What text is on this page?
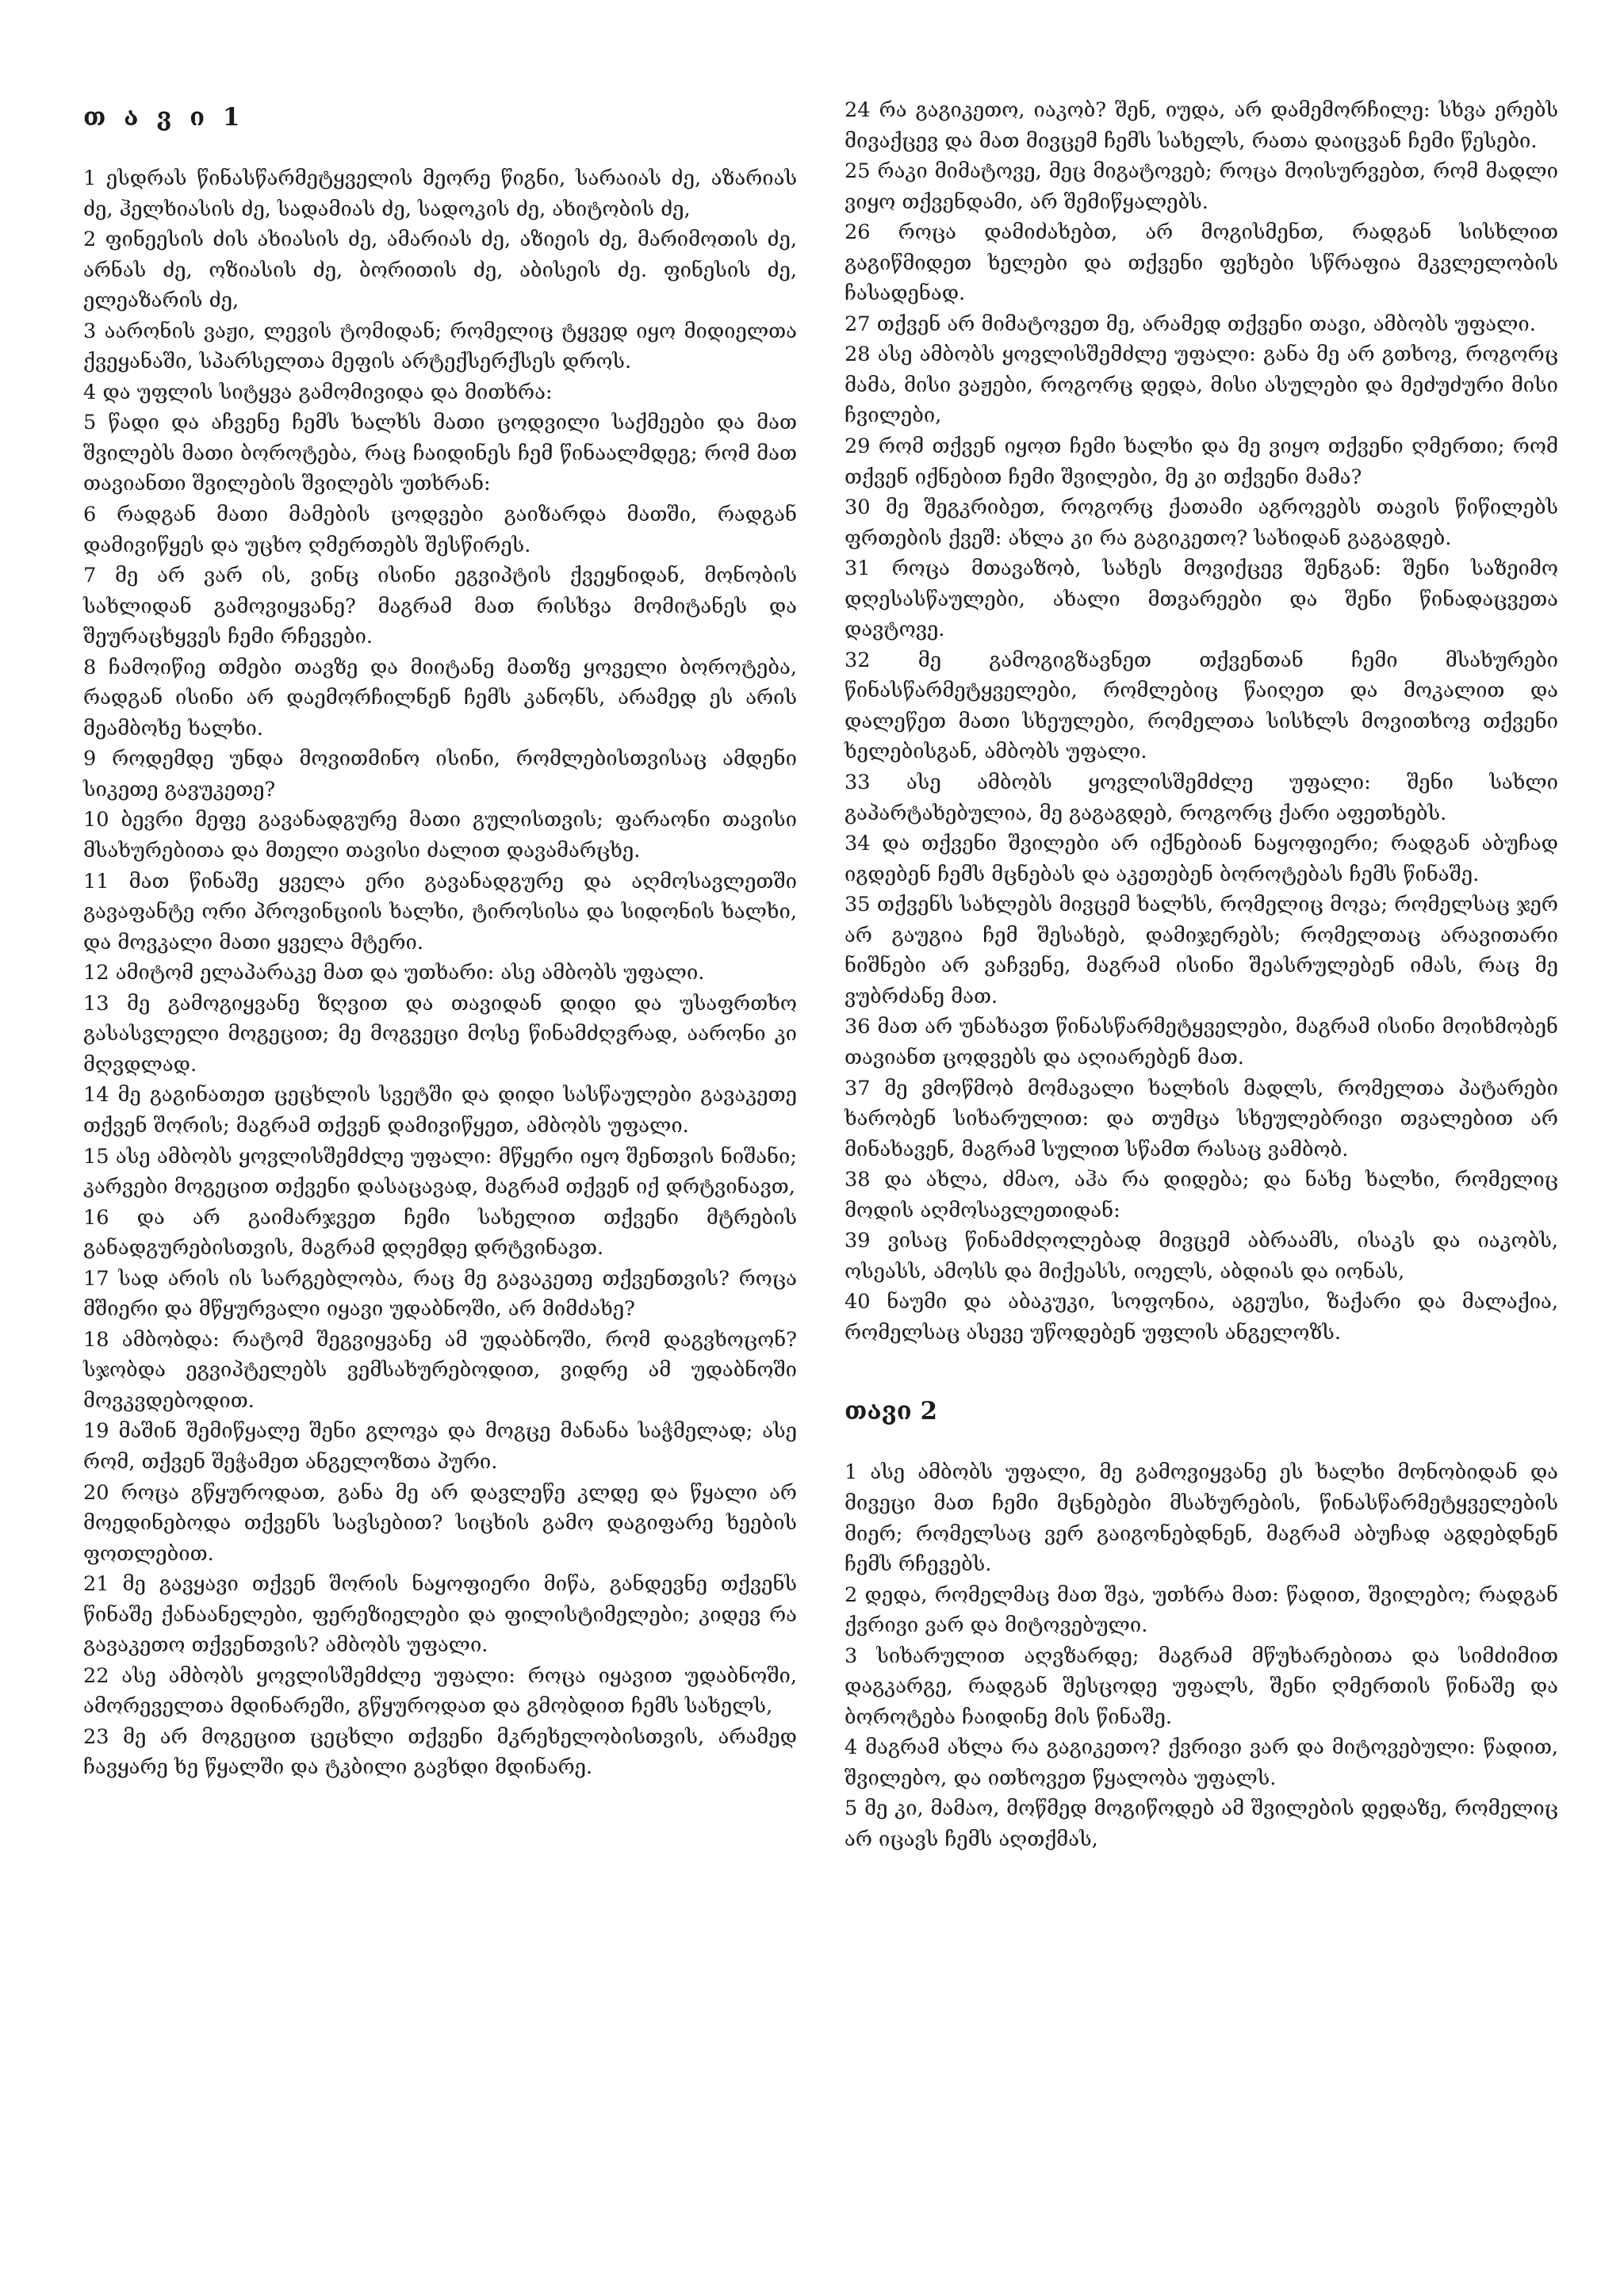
თ ა ვ ი 1

1 ესდრას წინასწარმეტყველის მეორე წიგნი, სარაიას ძე, აზარიას ძე, ჰელხიასის ძე, სადამიას ძე, სადოკის ძე, ახიტობის ძე,

2 ფინეესის ძის ახიასის ძე, ამარიას ძე, აზიეის ძე, მარიმოთის ძე, არნას ძე, ოზიასის ძე, ბორითის ძე, აბისეის ძე. ფინესის ძე, ელეაზარის ძე,

3 აარონის ვაჟი, ლევის ტომიდან; რომელიც ტყვედ იყო მიდიელთა ქვეყანაში, სპარსელთა მეფის არტექსერქსეს დროს.

4 და უფლის სიტყვა გამომივიდა და მითხრა:

5 წადი და აჩვენე ჩემს ხალხს მათი ცოდვილი საქმეები და მათ შვილებს მათი ბოროტება, რაც ჩაიდინეს ჩემ წინაალმდეგ; რომ მათ თავიანთი შვილების შვილებს უთხრან:

6 რადგან მათი მამების ცოდვები გაიზარდა მათში, რადგან დამივიწყეს და უცხო ღმერთებს შესწირეს.

7 მე არ ვარ ის, ვინც ისინი ეგვიპტის ქვეყნიდან, მონობის სახლიდან გამოვიყვანე? მაგრამ მათ რისხვა მომიტანეს და შეურაცხყვეს ჩემი რჩევები.

8 ჩამოიწიე თმები თავზე და მიიტანე მათზე ყოველი ბოროტება, რადგან ისინი არ დაემორჩილნენ ჩემს კანონს, არამედ ეს არის მეამბოხე ხალხი.

9 როდემდე უნდა მოვითმინო ისინი, რომლებისთვისაც ამდენი სიკეთე გავუკეთე?

10 ბევრი მეფე გავანადგურე მათი გულისთვის; ფარაონი თავისი მსახურებითა და მთელი თავისი ძალით დავამარცხე.

11 მათ წინაშე ყველა ერი გავანადგურე და აღმოსავლეთში გავაფანტე ორი პროვინციის ხალხი, ტიროსისა და სიდონის ხალხი, და მოვკალი მათი ყველა მტერი.

12 ამიტომ ელაპარაკე მათ და უთხარი: ასე ამბობს უფალი.

13 მე გამოგიყვანე ზღვით და თავიდან დიდი და უსაფრთხო გასასვლელი მოგეცით; მე მოგვეცი მოსე წინამძღვრად, აარონი კი მღვდლად.

14 მე გაგინათეთ ცეცხლის სვეტში და დიდი სასწაულები გავაკეთე თქვენ შორის; მაგრამ თქვენ დამივიწყეთ, ამბობს უფალი.

15 ასე ამბობს ყოვლისშემძლე უფალი: მწყერი იყო შენთვის ნიშანი; კარვები მოგეცით თქვენი დასაცავად, მაგრამ თქვენ იქ დრტვინავთ,

16 და არ გაიმარჯვეთ ჩემი სახელით თქვენი მტრების განადგურებისთვის, მაგრამ დღემდე დრტვინავთ.

17 სად არის ის სარგებლობა, რაც მე გავაკეთე თქვენთვის? როცა მშიერი და მწყურვალი იყავი უდაბნოში, არ მიმძახე?

18 ამბობდა: რატომ შეგვიყვანე ამ უდაბნოში, რომ დაგვხოცონ? სჯობდა ეგვიპტელებს ვემსახურებოდით, ვიდრე ამ უდაბნოში მოვკვდებოდით.

19 მაშინ შემიწყალე შენი გლოვა და მოგცე მანანა საჭმელად; ასე რომ, თქვენ შეჭამეთ ანგელოზთა პური.

20 როცა გწყუროდათ, განა მე არ დავლეწე კლდე და წყალი არ მოედინებოდა თქვენს სავსებით? სიცხის გამო დაგიფარე ხეების ფოთლებით.

21 მე გავყავი თქვენ შორის ნაყოფიერი მიწა, განდევნე თქვენს წინაშე ქანაანელები, ფერეზიელები და ფილისტიმელები; კიდევ რა გავაკეთო თქვენთვის? ამბობს უფალი.

22 ასე ამბობს ყოვლისშემძლე უფალი: როცა იყავით უდაბნოში, ამორეველთა მდინარეში, გწყუროდათ და გმობდით ჩემს სახელს,

23 მე არ მოგეცით ცეცხლი თქვენი მკრეხელობისთვის, არამედ ჩავყარე ხე წყალში და ტკბილი გავხდი მდინარე.

24 რა გაგიკეთო, იაკობ? შენ, იუდა, არ დამემორჩილე: სხვა ერებს მივაქცევ და მათ მივცემ ჩემს სახელს, რათა დაიცვან ჩემი წესები.

25 რაკი მიმატოვე, მეც მიგატოვებ; როცა მოისურვებთ, რომ მადლი ვიყო თქვენდამი, არ შემიწყალებს.

26 როცა დამიძახებთ, არ მოგისმენთ, რადგან სისხლით გაგიწმიდეთ ხელები და თქვენი ფეხები სწრაფია მკვლელობის ჩასადენად.

27 თქვენ არ მიმატოვეთ მე, არამედ თქვენი თავი, ამბობს უფალი.

28 ასე ამბობს ყოვლისშემძლე უფალი: განა მე არ გთხოვ, როგორც მამა, მისი ვაჟები, როგორც დედა, მისი ასულები და მეძუძური მისი ჩვილები,

29 რომ თქვენ იყოთ ჩემი ხალხი და მე ვიყო თქვენი ღმერთი; რომ თქვენ იქნებით ჩემი შვილები, მე კი თქვენი მამა?

30 მე შეგკრიბეთ, როგორც ქათამი აგროვებს თავის წიწილებს ფრთების ქვეშ: ახლა კი რა გაგიკეთო? სახიდან გაგაგდებ.

31 როცა მთავაზობ, სახეს მოვიქცევ შენგან: შენი საზეიმო დღესასწაულები, ახალი მთვარეები და შენი წინადაცვეთა დავტოვე.

32 მე გამოგიგზავნეთ თქვენთან ჩემი მსახურები წინასწარმეტყველები, რომლებიც წაიღეთ და მოკალით და დალეწეთ მათი სხეულები, რომელთა სისხლს მოვითხოვ თქვენი ხელებისგან, ამბობს უფალი.

33 ასე ამბობს ყოვლისშემძლე უფალი: შენი სახლი გაპარტახებულია, მე გაგაგდებ, როგორც ქარი აფეთხებს.

34 და თქვენი შვილები არ იქნებიან ნაყოფიერი; რადგან აბუჩად იგდებენ ჩემს მცნებას და აკეთებენ ბოროტებას ჩემს წინაშე.

35 თქვენს სახლებს მივცემ ხალხს, რომელიც მოვა; რომელსაც ჯერ არ გაუგია ჩემ შესახებ, დამიჯერებს; რომელთაც არავითარი ნიშნები არ ვაჩვენე, მაგრამ ისინი შეასრულებენ იმას, რაც მე ვუბრძანე მათ.

36 მათ არ უნახავთ წინასწარმეტყველები, მაგრამ ისინი მოიხმობენ თავიანთ ცოდვებს და აღიარებენ მათ.

37 მე ვმოწმობ მომავალი ხალხის მადლს, რომელთა პატარები ხარობენ სიხარულით: და თუმცა სხეულებრივი თვალებით არ მინახავენ, მაგრამ სულით სწამთ რასაც ვამბობ.

38 და ახლა, ძმაო, აჰა რა დიდება; და ნახე ხალხი, რომელიც მოდის აღმოსავლეთიდან:

39 ვისაც წინამძღოლებად მივცემ აბრაამს, ისაკს და იაკობს, ოსეასს, ამოსს და მიქეასს, იოელს, აბდიას და იონას,

40 ნაუმი და აბაკუკი, სოფონია, აგეუსი, ზაქარი და მალაქია, რომელსაც ასევე უწოდებენ უფლის ანგელოზს.

თავი 2

1 ასე ამბობს უფალი, მე გამოვიყვანე ეს ხალხი მონობიდან და მივეცი მათ ჩემი მცნებები მსახურების, წინასწარმეტყველების მიერ; რომელსაც ვერ გაიგონებდნენ, მაგრამ აბუჩად აგდებდნენ ჩემს რჩევებს.

2 დედა, რომელმაც მათ შვა, უთხრა მათ: წადით, შვილებო; რადგან ქვრივი ვარ და მიტოვებული.

3 სიხარულით აღვზარდე; მაგრამ მწუხარებითა და სიმძიმით დაგკარგე, რადგან შესცოდე უფალს, შენი ღმერთის წინაშე და ბოროტება ჩაიდინე მის წინაშე.

4 მაგრამ ახლა რა გაგიკეთო? ქვრივი ვარ და მიტოვებული: წადით, შვილებო, და ითხოვეთ წყალობა უფალს.

5 მე კი, მამაო, მოწმედ მოგიწოდებ ამ შვილების დედაზე, რომელიც არ იცავს ჩემს აღთქმას,
